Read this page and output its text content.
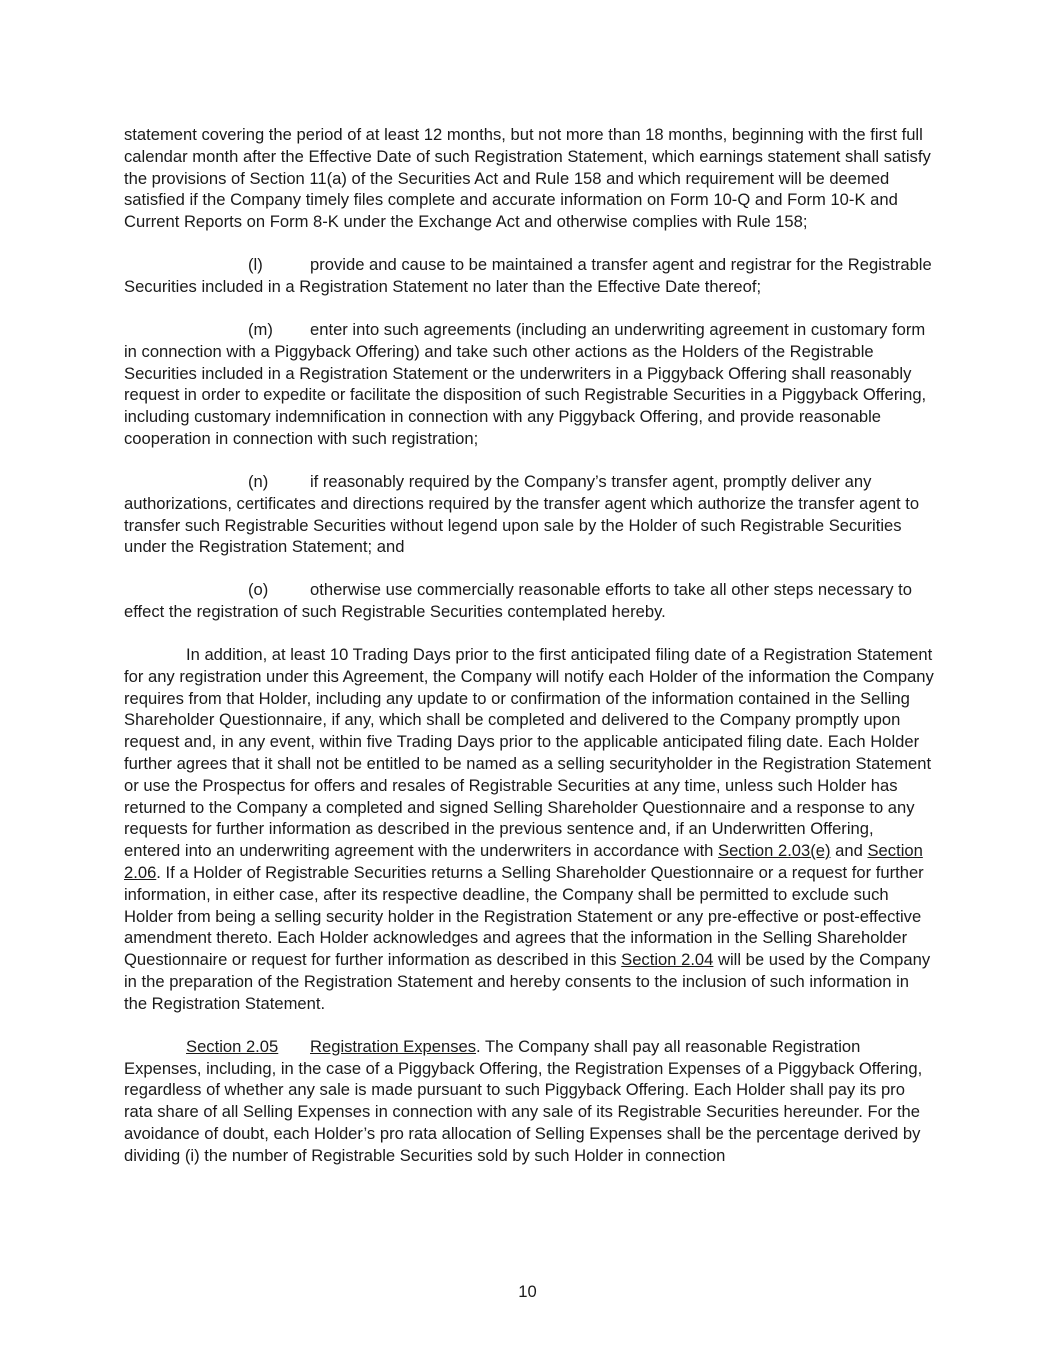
statement covering the period of at least 12 months, but not more than 18 months, beginning with the first full calendar month after the Effective Date of such Registration Statement, which earnings statement shall satisfy the provisions of Section 11(a) of the Securities Act and Rule 158 and which requirement will be deemed satisfied if the Company timely files complete and accurate information on Form 10-Q and Form 10-K and Current Reports on Form 8-K under the Exchange Act and otherwise complies with Rule 158;

(l)	provide and cause to be maintained a transfer agent and registrar for the Registrable Securities included in a Registration Statement no later than the Effective Date thereof;

(m) enter into such agreements (including an underwriting agreement in customary form in connection with a Piggyback Offering) and take such other actions as the Holders of the Registrable Securities included in a Registration Statement or the underwriters in a Piggyback Offering shall reasonably request in order to expedite or facilitate the disposition of such Registrable Securities in a Piggyback Offering, including customary indemnification in connection with any Piggyback Offering, and provide reasonable cooperation in connection with such registration;

(n)	if reasonably required by the Company’s transfer agent, promptly deliver any authorizations, certificates and directions required by the transfer agent which authorize the transfer agent to transfer such Registrable Securities without legend upon sale by the Holder of such Registrable Securities under the Registration Statement; and

(o)	otherwise use commercially reasonable efforts to take all other steps necessary to effect the registration of such Registrable Securities contemplated hereby.

In addition, at least 10 Trading Days prior to the first anticipated filing date of a Registration Statement for any registration under this Agreement, the Company will notify each Holder of the information the Company requires from that Holder, including any update to or confirmation of the information contained in the Selling Shareholder Questionnaire, if any, which shall be completed and delivered to the Company promptly upon request and, in any event, within five Trading Days prior to the applicable anticipated filing date. Each Holder further agrees that it shall not be entitled to be named as a selling securityholder in the Registration Statement or use the Prospectus for offers and resales of Registrable Securities at any time, unless such Holder has returned to the Company a completed and signed Selling Shareholder Questionnaire and a response to any requests for further information as described in the previous sentence and, if an Underwritten Offering, entered into an underwriting agreement with the underwriters in accordance with Section 2.03(e) and Section 2.06. If a Holder of Registrable Securities returns a Selling Shareholder Questionnaire or a request for further information, in either case, after its respective deadline, the Company shall be permitted to exclude such Holder from being a selling security holder in the Registration Statement or any pre-effective or post-effective amendment thereto. Each Holder acknowledges and agrees that the information in the Selling Shareholder Questionnaire or request for further information as described in this Section 2.04 will be used by the Company in the preparation of the Registration Statement and hereby consents to the inclusion of such information in the Registration Statement.

Section 2.05 Registration Expenses. The Company shall pay all reasonable Registration Expenses, including, in the case of a Piggyback Offering, the Registration Expenses of a Piggyback Offering, regardless of whether any sale is made pursuant to such Piggyback Offering. Each Holder shall pay its pro rata share of all Selling Expenses in connection with any sale of its Registrable Securities hereunder. For the avoidance of doubt, each Holder’s pro rata allocation of Selling Expenses shall be the percentage derived by dividing (i) the number of Registrable Securities sold by such Holder in connection

10
